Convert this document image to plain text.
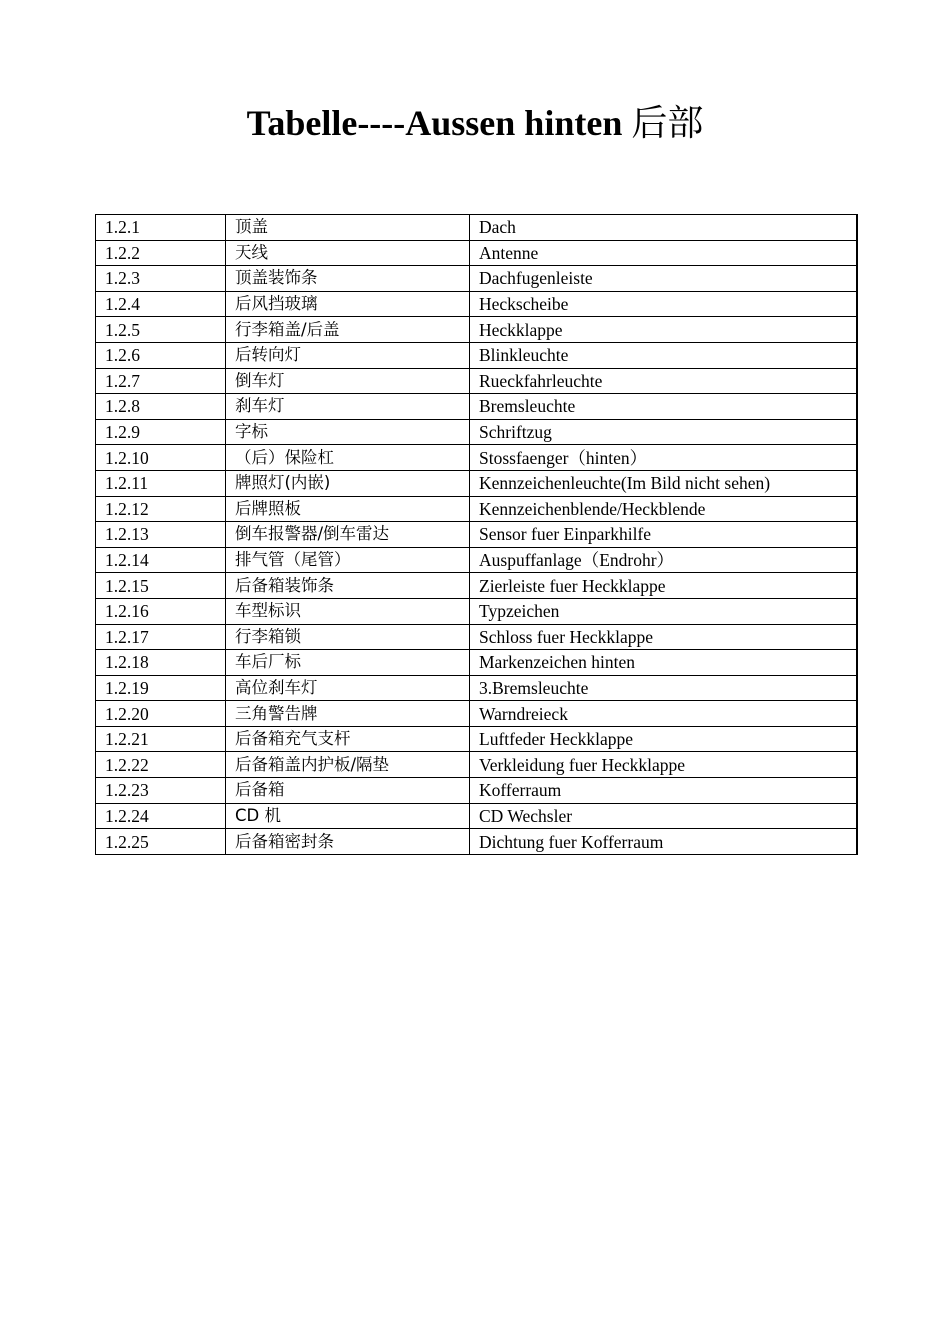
Tabelle----Aussen hinten 后部
1.2.1	顶盖	Dach
1.2.2	天线	Antenne
1.2.3	顶盖装饰条	Dachfugenleiste
1.2.4	后风挡玻璃	Heckscheibe
1.2.5	行李箱盖/后盖	Heckklappe
1.2.6	后转向灯	Blinkleuchte
1.2.7	倒车灯	Rueckfahrleuchte
1.2.8	刹车灯	Bremsleuchte
1.2.9	字标	Schriftzug
1.2.10	（后）保险杠	Stossfaenger（hinten）
1.2.11	牌照灯(内嵌)	Kennzeichenleuchte(Im Bild nicht sehen)
1.2.12	后牌照板	Kennzeichenblende/Heckblende
1.2.13	倒车报警器/倒车雷达	Sensor fuer Einparkhilfe
1.2.14	排气管（尾管）	Auspuffanlage（Endrohr）
1.2.15	后备箱装饰条	Zierleiste fuer Heckklappe
1.2.16	车型标识	Typzeichen
1.2.17	行李箱锁	Schloss fuer Heckklappe
1.2.18	车后厂标	Markenzeichen hinten
1.2.19	高位刹车灯	3.Bremsleuchte
1.2.20	三角警告牌	Warndreieck
1.2.21	后备箱充气支杆	Luftfeder Heckklappe
1.2.22	后备箱盖内护板/隔垫	Verkleidung fuer Heckklappe
1.2.23	后备箱	Kofferraum
1.2.24	CD 机	CD Wechsler
1.2.25	后备箱密封条	Dichtung fuer Kofferraum
